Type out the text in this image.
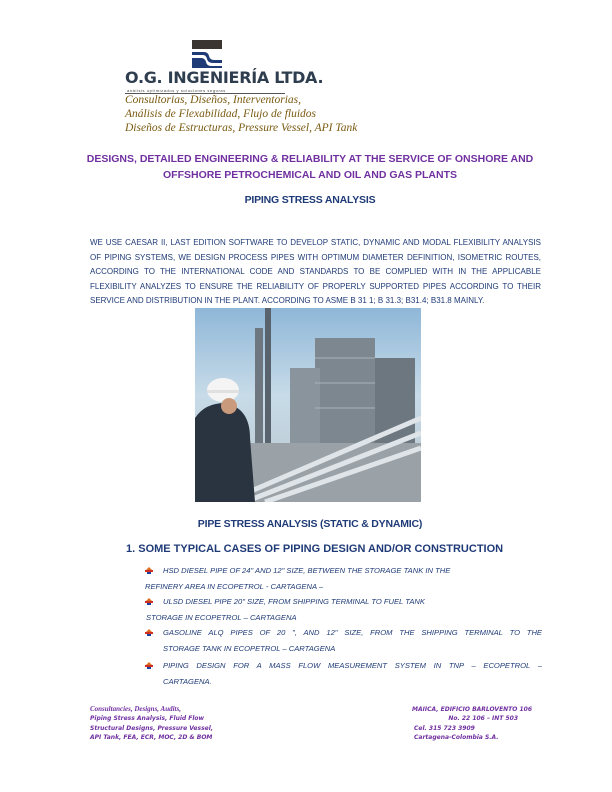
O.G. INGENIERÍA LTDA.
análisis optimizados y soluciones seguras
Consultorias, Diseños, Interventorias,
Análisis de Flexabilidad, Flujo de fluidos
Diseños de Estructuras, Pressure Vessel, API Tank
DESIGNS, DETAILED ENGINEERING & RELIABILITY AT THE SERVICE OF ONSHORE AND
OFFSHORE PETROCHEMICAL AND OIL AND GAS PLANTS
PIPING STRESS ANALYSIS
WE USE CAESAR II, LAST EDITION SOFTWARE TO DEVELOP STATIC, DYNAMIC AND MODAL FLEXIBILITY ANALYSIS OF PIPING SYSTEMS, WE DESIGN PROCESS PIPES WITH OPTIMUM DIAMETER DEFINITION, ISOMETRIC ROUTES, ACCORDING TO THE INTERNATIONAL CODE AND STANDARDS TO BE COMPLIED WITH IN THE APPLICABLE FLEXIBILITY ANALYZES TO ENSURE THE RELIABILITY OF PROPERLY SUPPORTED PIPES ACCORDING TO THEIR SERVICE AND DISTRIBUTION IN THE PLANT. ACCORDING TO ASME B 31 1; B 31.3; B31.4; B31.8 MAINLY.
PIPE STRESS ANALYSIS (STATIC & DYNAMIC)
1. SOME TYPICAL CASES OF PIPING DESIGN AND/OR CONSTRUCTION
HSD DIESEL PIPE OF 24" AND 12" SIZE, BETWEEN THE STORAGE TANK IN THE
REFINERY AREA IN ECOPETROL - CARTAGENA –
ULSD DIESEL PIPE 20" SIZE, FROM SHIPPING TERMINAL TO FUEL TANK
STORAGE IN ECOPETROL – CARTAGENA
GASOLINE ALQ PIPES OF 20 ", AND 12" SIZE, FROM THE SHIPPING TERMINAL TO THE
STORAGE TANK IN ECOPETROL – CARTAGENA
PIPING DESIGN FOR A MASS FLOW MEASUREMENT SYSTEM IN TNP – ECOPETROL –
CARTAGENA.
Consultancies, Designs, Audits,
Piping Stress Analysis, Fluid Flow
Structural Designs, Pressure Vessel,
API Tank, FEA, ECR, MOC, 2D & BOM
MAIICA, EDIFICIO BARLOVENTO 106
No. 22 106 – INT 503
Cel. 315 723 3909
Cartagena-Colombia S.A.
